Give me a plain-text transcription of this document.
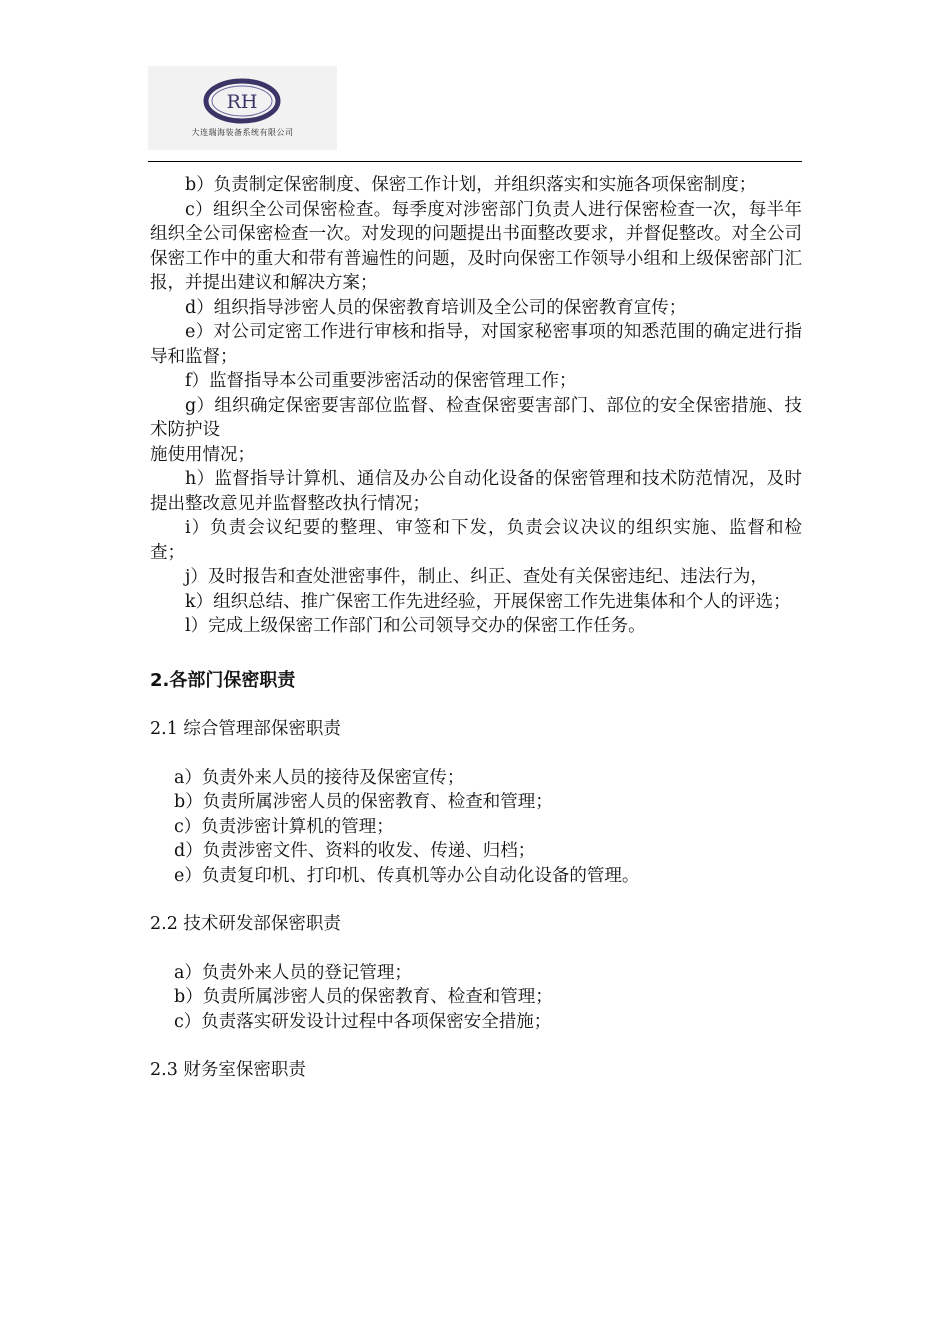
RH
大连瑞海装备系统有限公司

b）负责制定保密制度、保密工作计划，并组织落实和实施各项保密制度；

c）组织全公司保密检查。每季度对涉密部门负责人进行保密检查一次，每半年组织全公司保密检查一次。对发现的问题提出书面整改要求，并督促整改。对全公司保密工作中的重大和带有普遍性的问题，及时向保密工作领导小组和上级保密部门汇报，并提出建议和解决方案；

d）组织指导涉密人员的保密教育培训及全公司的保密教育宣传；

e）对公司定密工作进行审核和指导，对国家秘密事项的知悉范围的确定进行指导和监督；

f）监督指导本公司重要涉密活动的保密管理工作；

g）组织确定保密要害部位监督、检查保密要害部门、部位的安全保密措施、技术防护设

施使用情况；

h）监督指导计算机、通信及办公自动化设备的保密管理和技术防范情况，及时提出整改意见并监督整改执行情况；

i）负责会议纪要的整理、审签和下发，负责会议决议的组织实施、监督和检查；

j）及时报告和查处泄密事件，制止、纠正、查处有关保密违纪、违法行为，

k）组织总结、推广保密工作先进经验，开展保密工作先进集体和个人的评选；

l）完成上级保密工作部门和公司领导交办的保密工作任务。

2.各部门保密职责

2.1 综合管理部保密职责

a）负责外来人员的接待及保密宣传；
b）负责所属涉密人员的保密教育、检查和管理；
c）负责涉密计算机的管理；
d）负责涉密文件、资料的收发、传递、归档；
e）负责复印机、打印机、传真机等办公自动化设备的管理。

2.2 技术研发部保密职责

a）负责外来人员的登记管理；
b）负责所属涉密人员的保密教育、检查和管理；
c）负责落实研发设计过程中各项保密安全措施；

2.3 财务室保密职责
